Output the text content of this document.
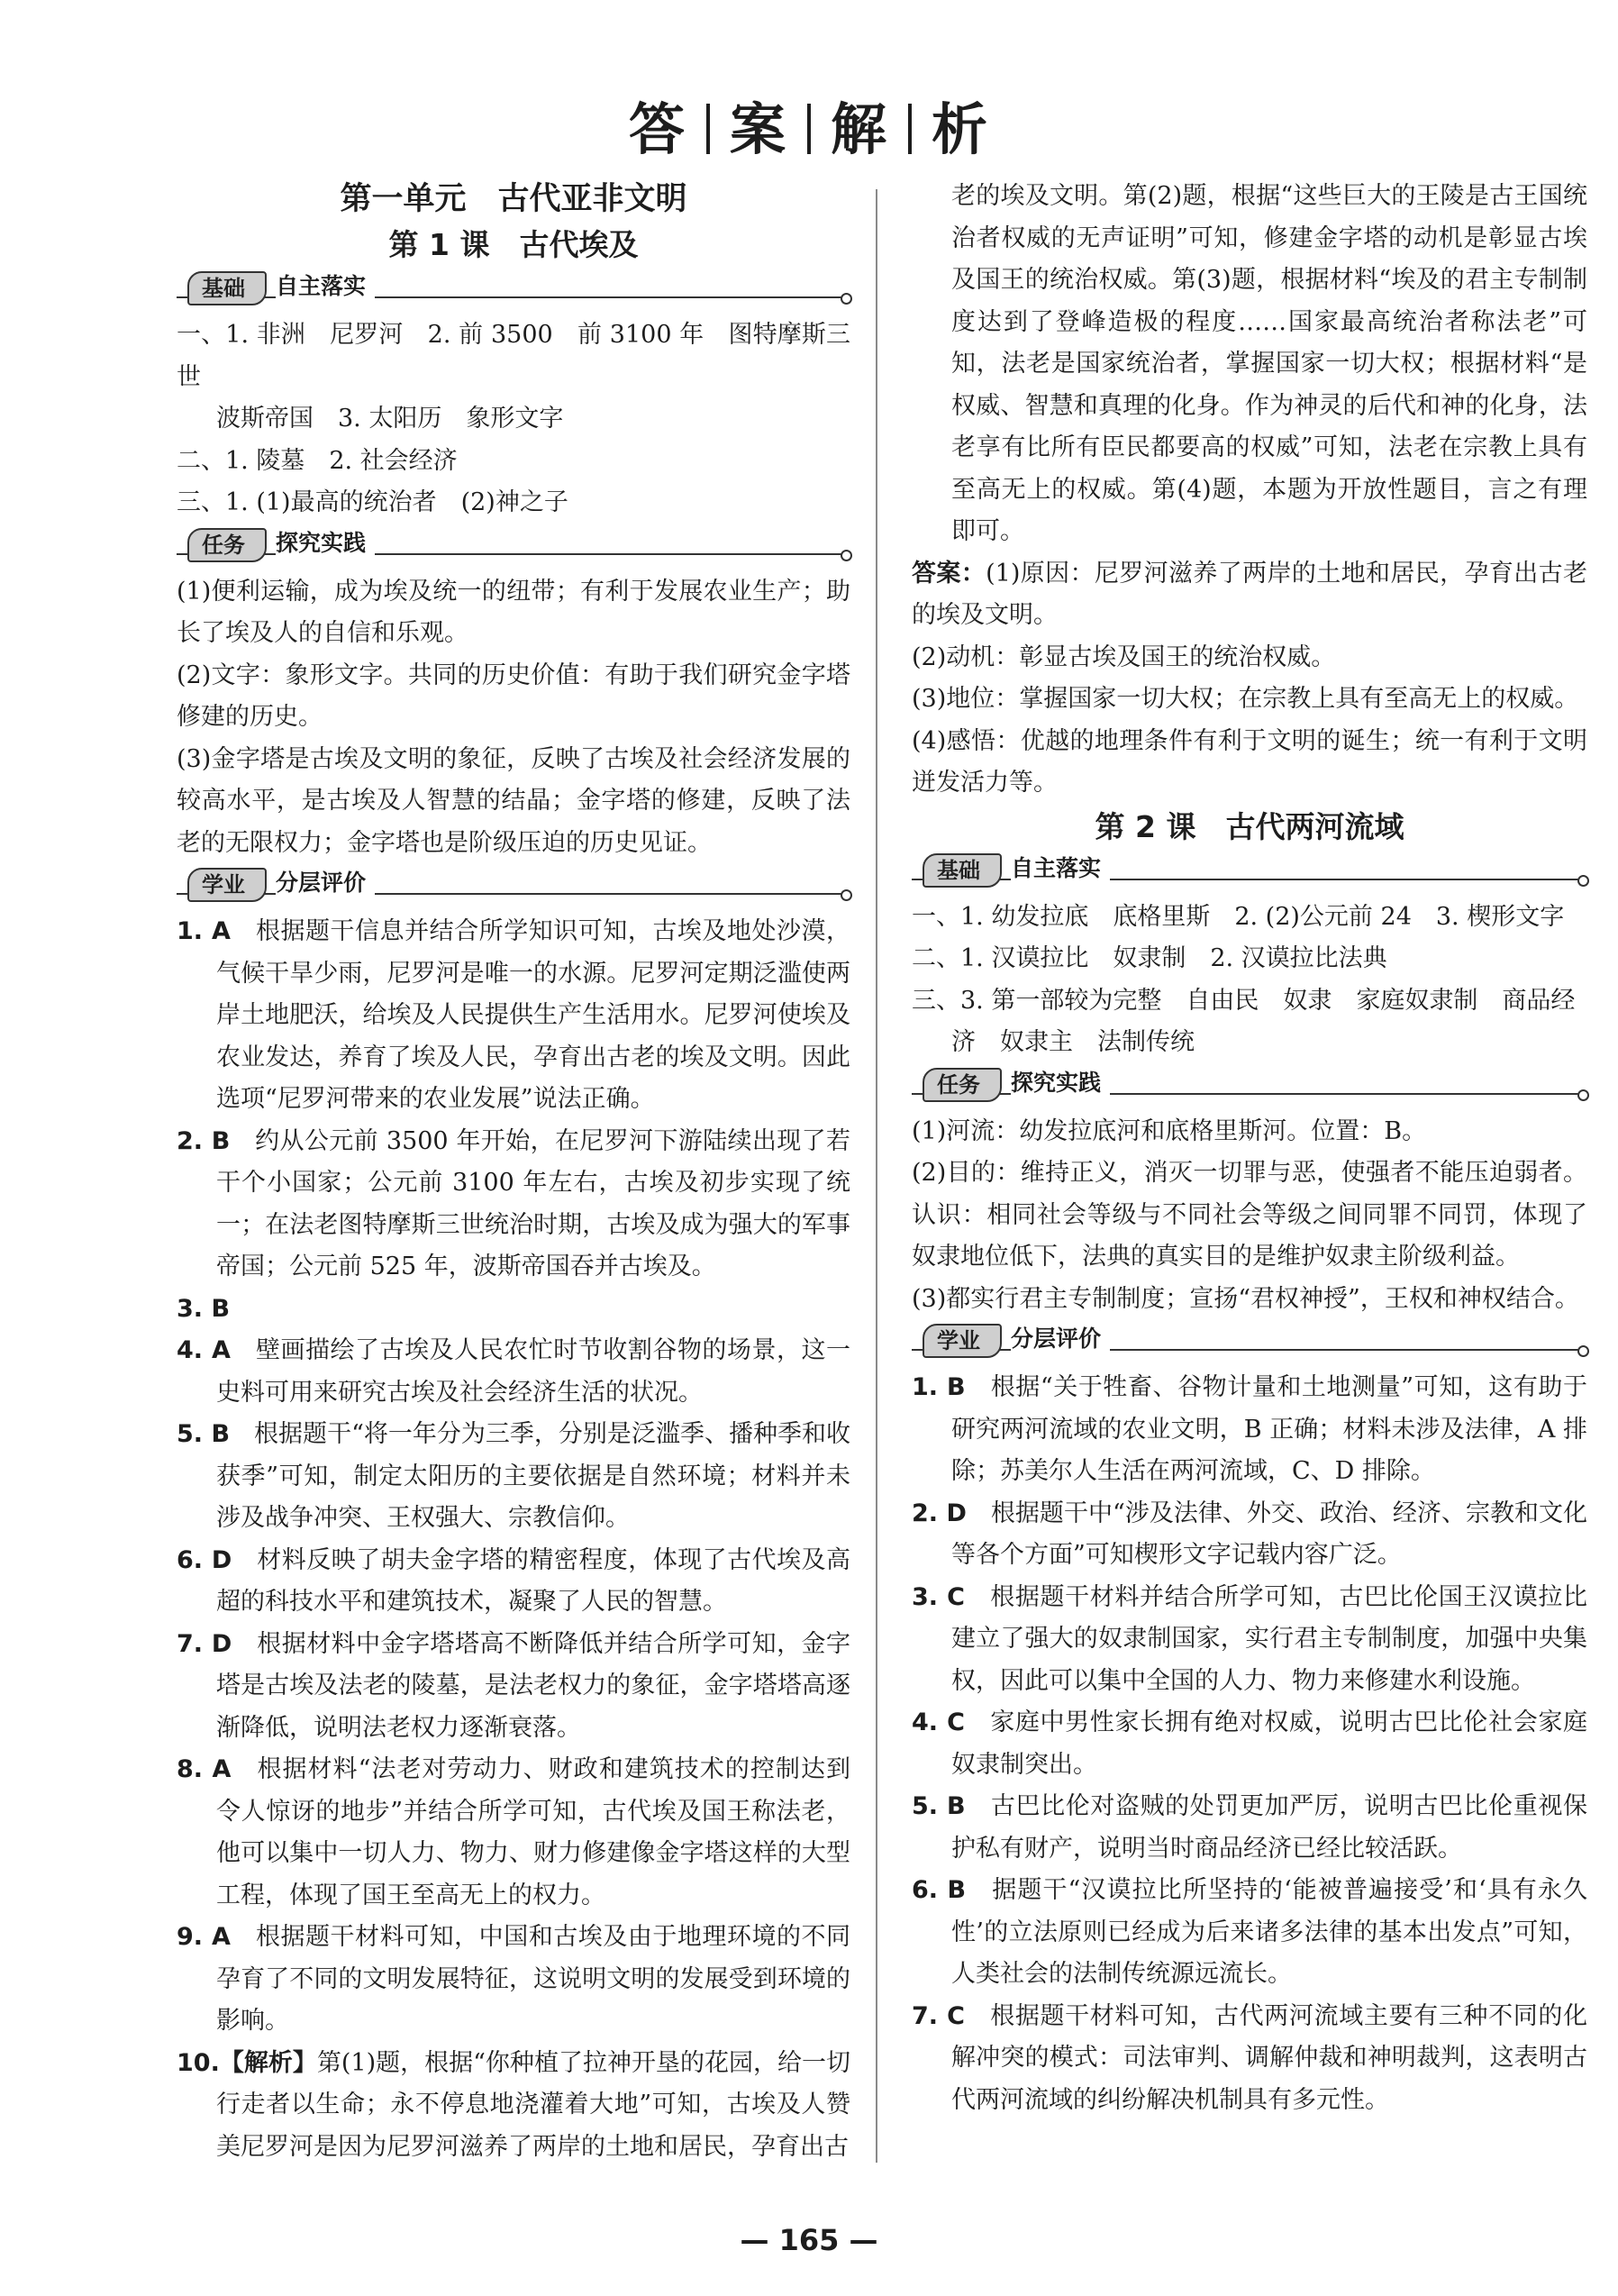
答 案 解 析
第一单元　古代亚非文明
第 1 课　古代埃及
基础	自主落实

一、1. 非洲　尼罗河　2. 前 3500　前 3100 年　图特摩斯三世

波斯帝国　3. 太阳历　象形文字

二、1. 陵墓　2. 社会经济

三、1. (1)最高的统治者　(2)神之子

任务	探究实践

(1)便利运输，成为埃及统一的纽带；有利于发展农业生产；助长了埃及人的自信和乐观。

(2)文字：象形文字。共同的历史价值：有助于我们研究金字塔修建的历史。

(3)金字塔是古埃及文明的象征，反映了古埃及社会经济发展的较高水平，是古埃及人智慧的结晶；金字塔的修建，反映了法老的无限权力；金字塔也是阶级压迫的历史见证。

学业	分层评价

1. A　 根据题干信息并结合所学知识可知，古埃及地处沙漠，气候干旱少雨，尼罗河是唯一的水源。尼罗河定期泛滥使两岸土地肥沃，给埃及人民提供生产生活用水。尼罗河使埃及农业发达，养育了埃及人民，孕育出古老的埃及文明。因此选项“尼罗河带来的农业发展”说法正确。

2. B　 约从公元前 3500 年开始，在尼罗河下游陆续出现了若干个小国家；公元前 3100 年左右，古埃及初步实现了统一；在法老图特摩斯三世统治时期，古埃及成为强大的军事帝国；公元前 525 年，波斯帝国吞并古埃及。

3. B

4. A　 壁画描绘了古埃及人民农忙时节收割谷物的场景，这一史料可用来研究古埃及社会经济生活的状况。

5. B　 根据题干“将一年分为三季，分别是泛滥季、播种季和收获季”可知，制定太阳历的主要依据是自然环境；材料并未涉及战争冲突、王权强大、宗教信仰。

6. D　 材料反映了胡夫金字塔的精密程度，体现了古代埃及高超的科技水平和建筑技术，凝聚了人民的智慧。

7. D　 根据材料中金字塔塔高不断降低并结合所学可知，金字塔是古埃及法老的陵墓，是法老权力的象征，金字塔塔高逐渐降低，说明法老权力逐渐衰落。

8. A　 根据材料“法老对劳动力、财政和建筑技术的控制达到令人惊讶的地步”并结合所学可知，古代埃及国王称法老，他可以集中一切人力、物力、财力修建像金字塔这样的大型工程，体现了国王至高无上的权力。

9. A　 根据题干材料可知，中国和古埃及由于地理环境的不同孕育了不同的文明发展特征，这说明文明的发展受到环境的影响。

10.【解析】第(1)题，根据“你种植了拉神开垦的花园，给一切行走者以生命；永不停息地浇灌着大地”可知，古埃及人赞美尼罗河是因为尼罗河滋养了两岸的土地和居民，孕育出古

老的埃及文明。第(2)题，根据“这些巨大的王陵是古王国统治者权威的无声证明”可知，修建金字塔的动机是彰显古埃及国王的统治权威。第(3)题，根据材料“埃及的君主专制制度达到了登峰造极的程度……国家最高统治者称法老”可知，法老是国家统治者，掌握国家一切大权；根据材料“是权威、智慧和真理的化身。作为神灵的后代和神的化身，法老享有比所有臣民都要高的权威”可知，法老在宗教上具有至高无上的权威。第(4)题，本题为开放性题目，言之有理即可。

答案：(1)原因：尼罗河滋养了两岸的土地和居民，孕育出古老的埃及文明。

(2)动机：彰显古埃及国王的统治权威。

(3)地位：掌握国家一切大权；在宗教上具有至高无上的权威。

(4)感悟：优越的地理条件有利于文明的诞生；统一有利于文明迸发活力等。

第 2 课　古代两河流域
基础	自主落实

一、1. 幼发拉底　底格里斯　2. (2)公元前 24　3. 楔形文字

二、1. 汉谟拉比　奴隶制　2. 汉谟拉比法典

三、3. 第一部较为完整　自由民　奴隶　家庭奴隶制　商品经

济　奴隶主　法制传统

任务	探究实践

(1)河流：幼发拉底河和底格里斯河。位置：B。

(2)目的：维持正义，消灭一切罪与恶，使强者不能压迫弱者。认识：相同社会等级与不同社会等级之间同罪不同罚，体现了奴隶地位低下，法典的真实目的是维护奴隶主阶级利益。

(3)都实行君主专制制度；宣扬“君权神授”，王权和神权结合。

学业	分层评价

1. B　 根据“关于牲畜、谷物计量和土地测量”可知，这有助于研究两河流域的农业文明，B 正确；材料未涉及法律，A 排除；苏美尔人生活在两河流域，C、D 排除。

2. D　 根据题干中“涉及法律、外交、政治、经济、宗教和文化等各个方面”可知楔形文字记载内容广泛。

3. C　 根据题干材料并结合所学可知，古巴比伦国王汉谟拉比建立了强大的奴隶制国家，实行君主专制制度，加强中央集权，因此可以集中全国的人力、物力来修建水利设施。

4. C　 家庭中男性家长拥有绝对权威，说明古巴比伦社会家庭奴隶制突出。

5. B　 古巴比伦对盗贼的处罚更加严厉，说明古巴比伦重视保护私有财产，说明当时商品经济已经比较活跃。

6. B　 据题干“汉谟拉比所坚持的‘能被普遍接受’和‘具有永久性’的立法原则已经成为后来诸多法律的基本出发点”可知，人类社会的法制传统源远流长。

7. C　 根据题干材料可知，古代两河流域主要有三种不同的化解冲突的模式：司法审判、调解仲裁和神明裁判，这表明古代两河流域的纠纷解决机制具有多元性。

— 165 —
